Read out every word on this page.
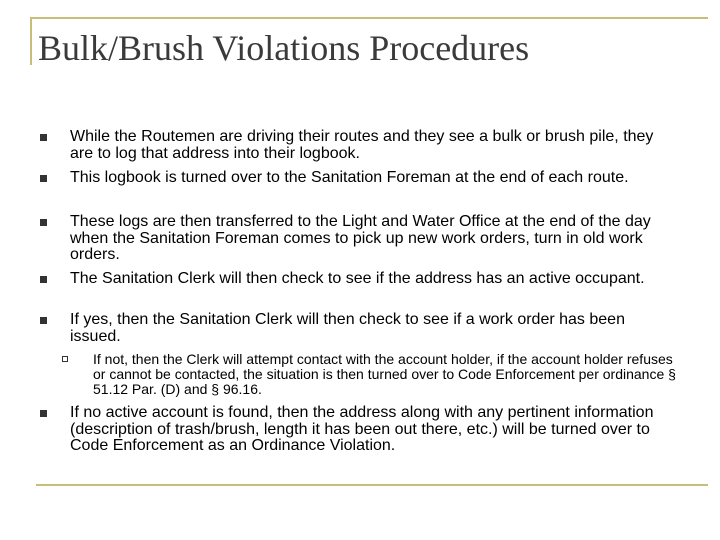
Bulk/Brush Violations Procedures
While the Routemen are driving their routes and they see a bulk or brush pile, they are to log that address into their logbook.
This logbook is turned over to the Sanitation Foreman at the end of each route.
These logs are then transferred to the Light and Water Office at the end of the day when the Sanitation Foreman comes to pick up new work orders, turn in old work orders.
The Sanitation Clerk will then check to see if the address has an active occupant.
If yes, then the Sanitation Clerk will then check to see if a work order has been issued.
If not, then the Clerk will attempt contact with the account holder, if the account holder refuses or cannot be contacted, the situation is then turned over to Code Enforcement per ordinance § 51.12 Par. (D) and § 96.16.
If no active account is found, then the address along with any pertinent information (description of trash/brush, length it has been out there, etc.) will be turned over to Code Enforcement as an Ordinance Violation.
